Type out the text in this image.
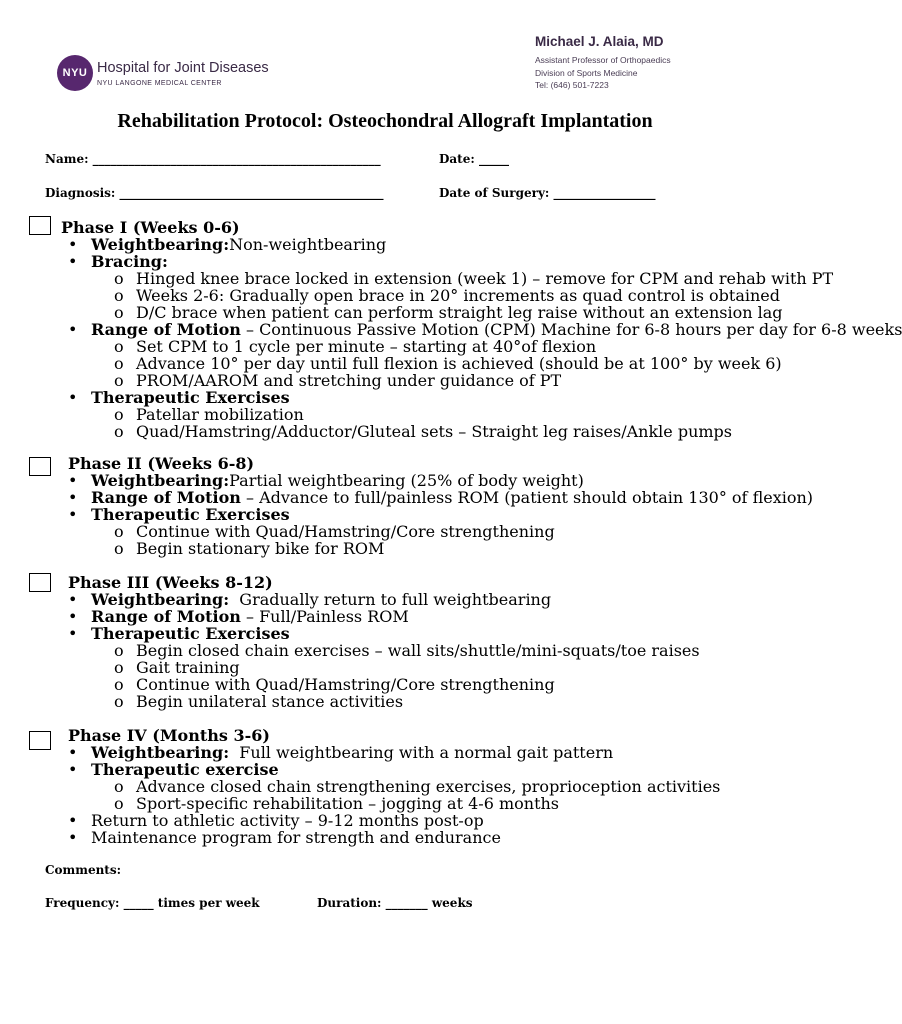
NYU Hospital for Joint Diseases
NYU LANGONE MEDICAL CENTER
Michael J. Alaia, MD
Assistant Professor of Orthopaedics
Division of Sports Medicine
Tel: (646) 501-7223
Rehabilitation Protocol: Osteochondral Allograft Implantation
Name: ________________________________________________	Date: _____
Diagnosis: ____________________________________________	Date of Surgery: _________________
Phase I (Weeks 0-6)
• Weightbearing:Non-weightbearing
• Bracing:
o Hinged knee brace locked in extension (week 1) – remove for CPM and rehab with PT
o Weeks 2-6: Gradually open brace in 20° increments as quad control is obtained
o D/C brace when patient can perform straight leg raise without an extension lag
• Range of Motion – Continuous Passive Motion (CPM) Machine for 6-8 hours per day for 6-8 weeks
o Set CPM to 1 cycle per minute – starting at 40°of flexion
o Advance 10° per day until full flexion is achieved (should be at 100° by week 6)
o PROM/AAROM and stretching under guidance of PT
• Therapeutic Exercises
o Patellar mobilization
o Quad/Hamstring/Adductor/Gluteal sets – Straight leg raises/Ankle pumps
Phase II (Weeks 6-8)
• Weightbearing:Partial weightbearing (25% of body weight)
• Range of Motion – Advance to full/painless ROM (patient should obtain 130° of flexion)
• Therapeutic Exercises
o Continue with Quad/Hamstring/Core strengthening
o Begin stationary bike for ROM
Phase III (Weeks 8-12)
• Weightbearing:  Gradually return to full weightbearing
• Range of Motion – Full/Painless ROM
• Therapeutic Exercises
o Begin closed chain exercises – wall sits/shuttle/mini-squats/toe raises
o Gait training
o Continue with Quad/Hamstring/Core strengthening
o Begin unilateral stance activities
Phase IV (Months 3-6)
• Weightbearing:  Full weightbearing with a normal gait pattern
• Therapeutic exercise
o Advance closed chain strengthening exercises, proprioception activities
o Sport-specific rehabilitation – jogging at 4-6 months
• Return to athletic activity – 9-12 months post-op
• Maintenance program for strength and endurance
Comments:
Frequency: _____ times per week	Duration: _______ weeks
